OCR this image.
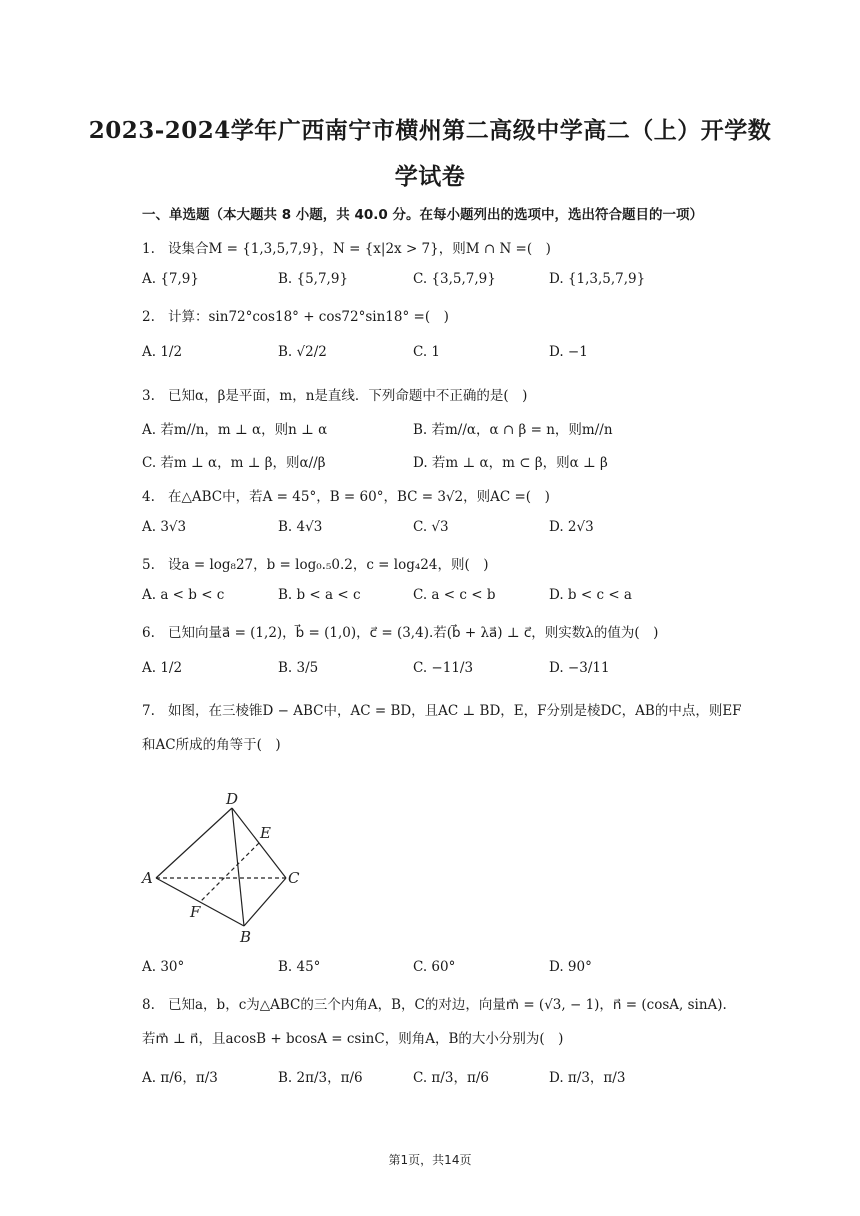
2023-2024学年广西南宁市横州第二高级中学高二（上）开学数
学试卷
一、单选题（本大题共 8 小题，共 40.0 分。在每小题列出的选项中，选出符合题目的一项）
1. 设集合M = {1,3,5,7,9}，N = {x|2x > 7}，则M ∩ N =( )
A. {7,9}	B. {5,7,9}	C. {3,5,7,9}	D. {1,3,5,7,9}
2. 计算：sin72°cos18° + cos72°sin18° =( )
A. 1/2	B. √2/2	C. 1	D. −1
3. 已知α，β是平面，m，n是直线．下列命题中不正确的是( )
A. 若m//n，m ⊥ α，则n ⊥ α	B. 若m//α，α ∩ β = n，则m//n
C. 若m ⊥ α，m ⊥ β，则α//β	D. 若m ⊥ α，m ⊂ β，则α ⊥ β
4. 在△ABC中，若A = 45°，B = 60°，BC = 3√2，则AC =( )
A. 3√3	B. 4√3	C. √3	D. 2√3
5. 设a = log₈27，b = log₀.₅0.2，c = log₄24，则( )
A. a < b < c	B. b < a < c	C. a < c < b	D. b < c < a
6. 已知向量a⃗ = (1,2)，b⃗ = (1,0)，c⃗ = (3,4).若(b⃗ + λa⃗) ⊥ c⃗，则实数λ的值为( )
A. 1/2	B. 3/5	C. −11/3	D. −3/11
7. 如图，在三棱锥D − ABC中，AC = BD，且AC ⊥ BD，E，F分别是棱DC，AB的中点，则EF
和AC所成的角等于( )
D
E
A	C
F
B
A. 30°	B. 45°	C. 60°	D. 90°
8. 已知a，b，c为△ABC的三个内角A，B，C的对边，向量m⃗ = (√3, − 1)，n⃗ = (cosA, sinA).
若m⃗ ⊥ n⃗，且acosB + bcosA = csinC，则角A，B的大小分别为( )
A. π/6，π/3	B. 2π/3，π/6	C. π/3，π/6	D. π/3，π/3
第1页，共14页
